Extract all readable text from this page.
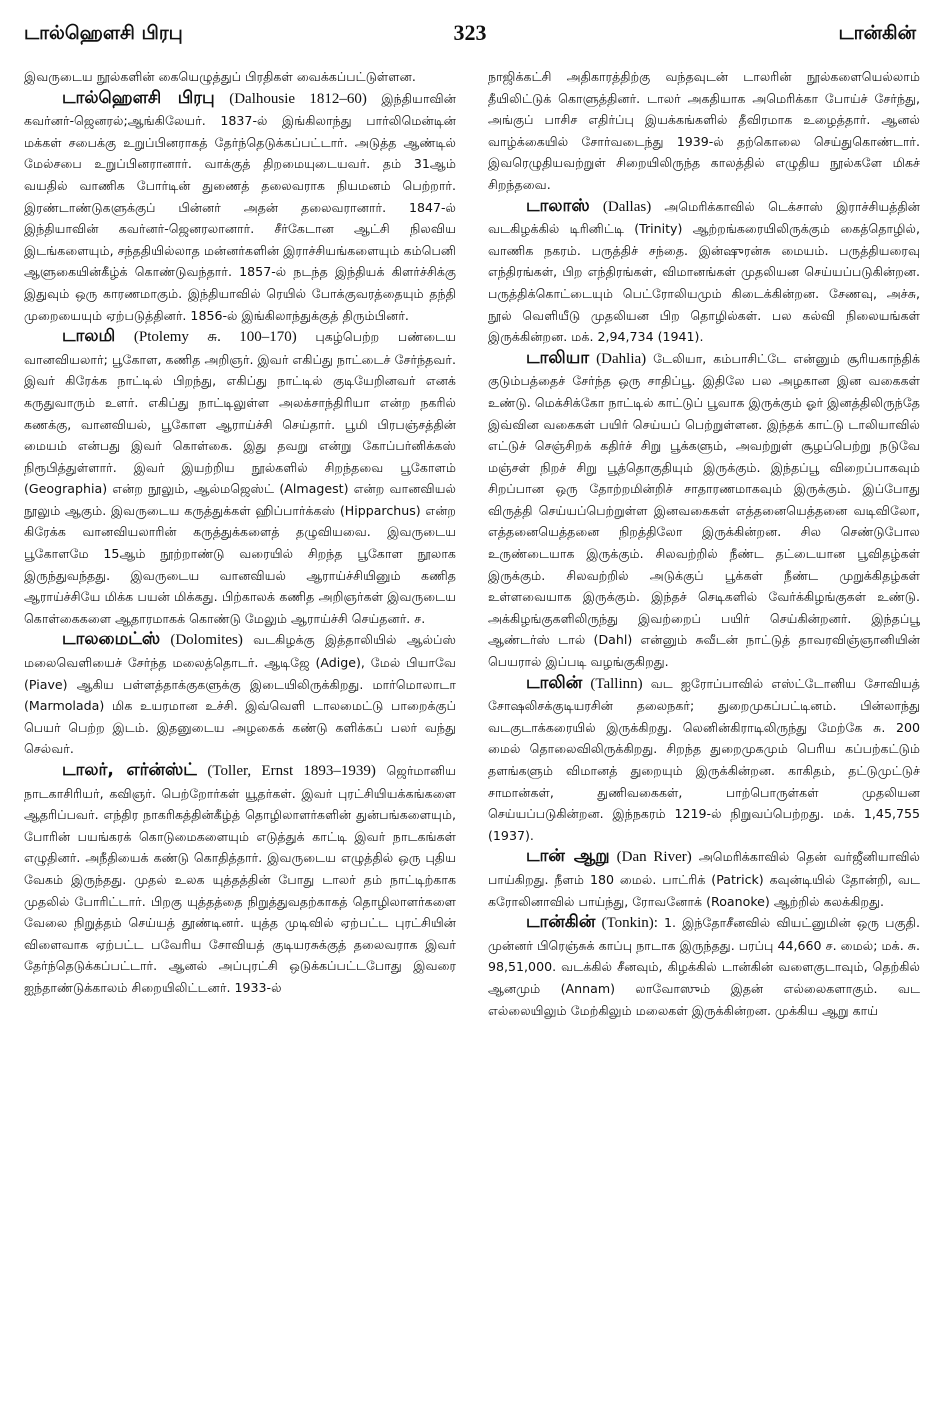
டால்ஹௌசி பிரபு	323	டான்கின்

இவருடைய நூல்களின் கையெழுத்துப் பிரதிகள் வைக்கப்பட்டுள்ளன.

டால்ஹௌசி பிரபு (Dalhousie 1812–60) இந்தியாவின் கவர்னர்-ஜெனரல்;ஆங்கிலேயர். 1837-ல் இங்கிலாந்து பார்லிமென்டின் மக்கள் சபைக்கு உறுப்பினராகத் தேர்ந்தெடுக்கப்பட்டார். அடுத்த ஆண்டில் மேல்சபை உறுப்பினரானார். வாக்குத் திறமையுடையவர். தம் 31ஆம் வயதில் வாணிக போர்டின் துணைத் தலைவராக நியமனம் பெற்றார். இரண்டாண்டுகளுக்குப் பின்னர் அதன் தலைவரானார். 1847-ல் இந்தியாவின் கவர்னர்-ஜெனரலானார். சீர்கேடான ஆட்சி நிலவிய இடங்களையும், சந்ததியில்லாத மன்னர்களின் இராச்சியங்களையும் கம்பெனி ஆளுகையின்கீழ்க் கொண்டுவந்தார். 1857-ல் நடந்த இந்தியக் கிளர்ச்சிக்கு இதுவும் ஒரு காரணமாகும். இந்தியாவில் ரெயில் போக்குவரத்தையும் தந்தி முறையையும் ஏற்படுத்தினர். 1856-ல் இங்கிலாந்துக்குத் திரும்பினர்.

டாலமி (Ptolemy சு. 100–170) புகழ்பெற்ற பண்டைய வானவியலார்; பூகோள, கணித அறிஞர். இவர் எகிப்து நாட்டைச் சேர்ந்தவர். இவர் கிரேக்க நாட்டில் பிறந்து, எகிப்து நாட்டில் குடியேறினவர் எனக் கருதுவாரும் உளர். எகிப்து நாட்டிலுள்ள அலக்சாந்திரியா என்ற நகரில் கணக்கு, வானவியல், பூகோள ஆராய்ச்சி செய்தார். பூமி பிரபஞ்சத்தின் மையம் என்பது இவர் கொள்கை. இது தவறு என்று கோப்பர்னிக்கஸ் நிரூபித்துள்ளார். இவர் இயற்றிய நூல்களில் சிறந்தவை பூகோளம் (Geographia) என்ற நூலும், ஆல்மஜெஸ்ட் (Almagest) என்ற வானவியல் நூலும் ஆகும். இவருடைய கருத்துக்கள் ஹிப்பார்க்கஸ் (Hipparchus) என்ற கிரேக்க வானவியலாரின் கருத்துக்களைத் தழுவியவை. இவருடைய பூகோளமே 15ஆம் நூற்றாண்டு வரையில் சிறந்த பூகோள நூலாக இருந்துவந்தது. இவருடைய வானவியல் ஆராய்ச்சியினும் கணித ஆராய்ச்சியே மிக்க பயன் மிக்கது. பிற்காலக் கணித அறிஞர்கள் இவருடைய கொள்கைகளை ஆதாரமாகக் கொண்டு மேலும் ஆராய்ச்சி செய்தனர். ச.

டாலமைட்ஸ் (Dolomites) வடகிழக்கு இத்தாலியில் ஆல்ப்ஸ் மலைவெளியைச் சேர்ந்த மலைத்தொடர். ஆடிஜே (Adige), மேல் பியாவே (Piave) ஆகிய பள்ளத்தாக்குகளுக்கு இடையிலிருக்கிறது. மார்மொலாடா (Marmolada) மிக உயரமான உச்சி. இவ்வெளி டாலமைட்டு பாறைக்குப் பெயர் பெற்ற இடம். இதனுடைய அழகைக் கண்டு களிக்கப் பலர் வந்து செல்வர்.

டாலர், எர்ன்ஸ்ட் (Toller, Ernst 1893–1939) ஜெர்மானிய நாடகாசிரியர், கவிஞர். பெற்றோர்கள் யூதர்கள். இவர் புரட்சியியக்கங்களை ஆதரிப்பவர். எந்திர நாகரிகத்தின்கீழ்த் தொழிலாளர்களின் துன்பங்களையும், போரின் பயங்கரக் கொடுமைகளையும் எடுத்துக் காட்டி இவர் நாடகங்கள் எழுதினர். அநீதியைக் கண்டு கொதித்தார். இவருடைய எழுத்தில் ஒரு புதிய வேகம் இருந்தது. முதல் உலக யுத்தத்தின் போது டாலர் தம் நாட்டிற்காக முதலில் போரிட்டார். பிறகு யுத்தத்தை நிறுத்துவதற்காகத் தொழிலாளர்களை வேலை நிறுத்தம் செய்யத் தூண்டினர். யுத்த முடிவில் ஏற்பட்ட புரட்சியின் விளைவாக ஏற்பட்ட பவேரிய சோவியத் குடியரசுக்குத் தலைவராக இவர் தேர்ந்தெடுக்கப்பட்டார். ஆனல் அப்புரட்சி ஒடுக்கப்பட்டபோது இவரை ஐந்தாண்டுக்காலம் சிறையிலிட்டனர். 1933-ல்

நாஜிக்கட்சி அதிகாரத்திற்கு வந்தவுடன் டாலரின் நூல்களையெல்லாம் தீயிலிட்டுக் கொளுத்தினர். டாலர் அகதியாக அமெரிக்கா போய்ச் சேர்ந்து, அங்குப் பாசிச எதிர்ப்பு இயக்கங்களில் தீவிரமாக உழைத்தார். ஆனல் வாழ்க்கையில் சோர்வடைந்து 1939-ல் தற்கொலை செய்துகொண்டார். இவரெழுதியவற்றுள் சிறையிலிருந்த காலத்தில் எழுதிய நூல்களே மிகச் சிறந்தவை.

டாலாஸ் (Dallas) அமெரிக்காவில் டெக்சாஸ் இராச்சியத்தின் வடகிழக்கில் டிரினிட்டி (Trinity) ஆற்றங்கரையிலிருக்கும் கைத்தொழில், வாணிக நகரம். பருத்திச் சந்தை. இன்ஷுரன்சு மையம். பருத்தியரைவு எந்திரங்கள், பிற எந்திரங்கள், விமானங்கள் முதலியன செய்யப்படுகின்றன. பருத்திக்கொட்டையும் பெட்ரோலியமும் கிடைக்கின்றன. சேணவு, அச்சு, நூல் வெளியீடு முதலியன பிற தொழில்கள். பல கல்வி நிலையங்கள் இருக்கின்றன. மக். 2,94,734 (1941).

டாலியா (Dahlia) டேலியா, கம்பாசிட்டே என்னும் சூரியகாந்திக் குடும்பத்தைச் சேர்ந்த ஒரு சாதிப்பூ. இதிலே பல அழகான இன வகைகள் உண்டு. மெக்சிக்கோ நாட்டில் காட்டுப் பூவாக இருக்கும் ஓர் இனத்திலிருந்தே இவ்வின வகைகள் பயிர் செய்யப் பெற்றுள்ளன. இந்தக் காட்டு டாலியாவில் எட்டுச் செஞ்சிறக் கதிர்ச் சிறு பூக்களும், அவற்றுள் சூழப்பெற்று நடுவே மஞ்சள் நிறச் சிறு பூத்தொகுதியும் இருக்கும். இந்தப்பூ விறைப்பாகவும் சிறப்பான ஒரு தோற்றமின்றிச் சாதாரணமாகவும் இருக்கும். இப்போது விருத்தி செய்யப்பெற்றுள்ள இனவகைகள் எத்தனையெத்தனை வடிவிலோ, எத்தனையெத்தனை நிறத்திலோ இருக்கின்றன. சில செண்டுபோல உருண்டையாக இருக்கும். சிலவற்றில் நீண்ட தட்டையான பூவிதழ்கள் இருக்கும். சிலவற்றில் அடுக்குப் பூக்கள் நீண்ட முறுக்கிதழ்கள் உள்ளவையாக இருக்கும். இந்தச் செடிகளில் வேர்க்கிழங்குகள் உண்டு. அக்கிழங்குகளிலிருந்து இவற்றைப் பயிர் செய்கின்றனர். இந்தப்பூ ஆண்டர்ஸ் டால் (Dahl) என்னும் சுவீடன் நாட்டுத் தாவரவிஞ்ஞானியின் பெயரால் இப்படி வழங்குகிறது.

டாலின் (Tallinn) வட ஐரோப்பாவில் எஸ்ட்டோனிய சோவியத் சோஷலிசக்குடியரசின் தலைநகர்; துறைமுகப்பட்டினம். பின்லாந்து வடகுடாக்கரையில் இருக்கிறது. லெனின்கிராடிலிருந்து மேற்கே சு. 200 மைல் தொலைவிலிருக்கிறது. சிறந்த துறைமுகமும் பெரிய கப்பற்கட்டும் தளங்களும் விமானத் துறையும் இருக்கின்றன. காகிதம், தட்டுமுட்டுச் சாமான்கள், துணிவகைகள், பாற்பொருள்கள் முதலியன செய்யப்படுகின்றன. இந்நகரம் 1219-ல் நிறுவப்பெற்றது. மக். 1,45,755 (1937).

டான் ஆறு (Dan River) அமெரிக்காவில் தென் வர்ஜீனியாவில் பாய்கிறது. நீளம் 180 மைல். பாட்ரிக் (Patrick) கவுன்டியில் தோன்றி, வட கரோலினாவில் பாய்ந்து, ரோவனோக் (Roanoke) ஆற்றில் கலக்கிறது.

டான்கின் (Tonkin): 1. இந்தோசீனவில் வியட்னுமின் ஒரு பகுதி. முன்னர் பிரெஞ்சுக் காப்பு நாடாக இருந்தது. பரப்பு 44,660 ச. மைல்; மக். சு. 98,51,000. வடக்கில் சீனவும், கிழக்கில் டான்கின் வளைகுடாவும், தெற்கில் ஆனமும் (Annam) லாவோஸும் இதன் எல்லைகளாகும். வட எல்லையிலும் மேற்கிலும் மலைகள் இருக்கின்றன. முக்கிய ஆறு காய்
